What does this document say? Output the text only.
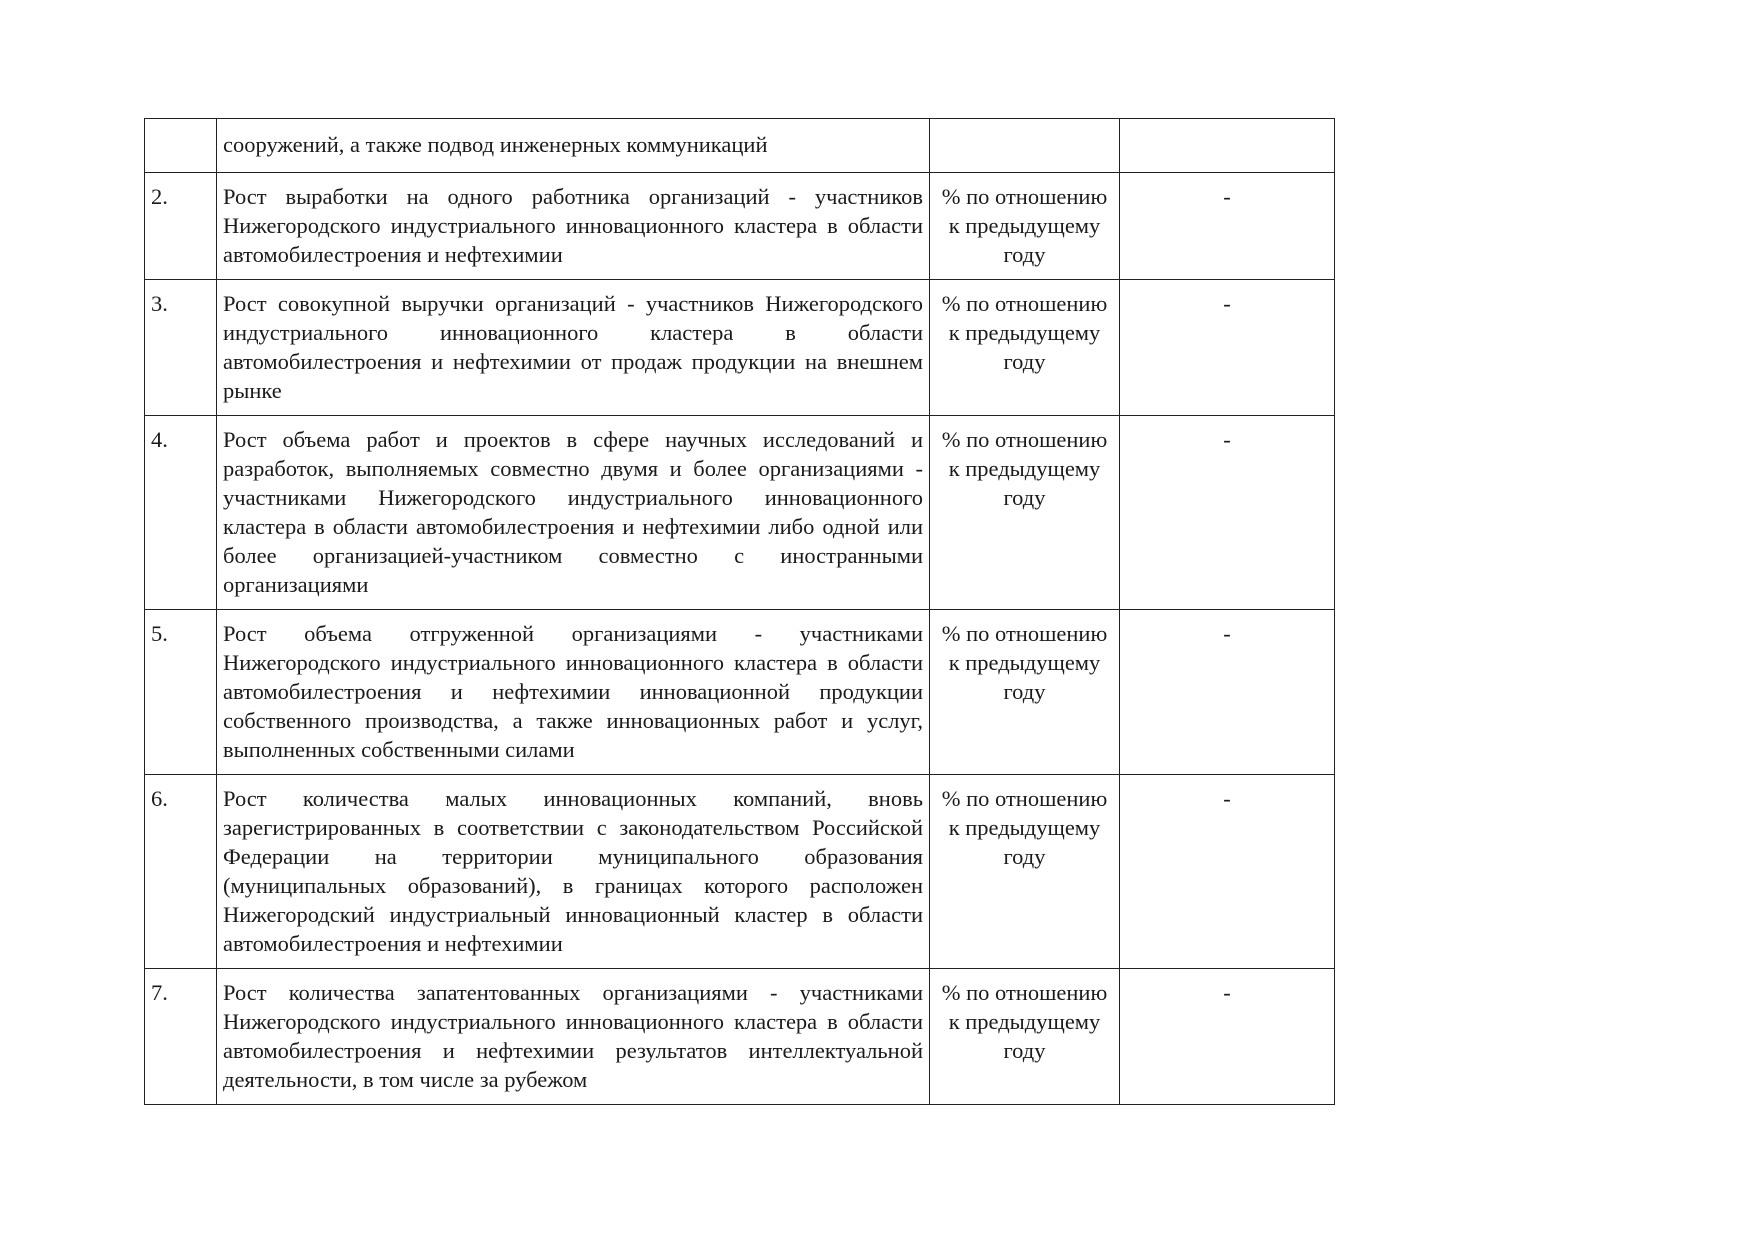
	сооружений, а также подвод инженерных коммуникаций		
2.	Рост выработки на одного работника организаций - участников Нижегородского индустриального инновационного кластера в области автомобилестроения и нефтехимии	% по отношению к предыдущему году	-
3.	Рост совокупной выручки организаций - участников Нижегородского индустриального инновационного кластера в области автомобилестроения и нефтехимии от продаж продукции на внешнем рынке	% по отношению к предыдущему году	-
4.	Рост объема работ и проектов в сфере научных исследований и разработок, выполняемых совместно двумя и более организациями - участниками Нижегородского индустриального инновационного кластера в области автомобилестроения и нефтехимии либо одной или более организацией-участником совместно с иностранными организациями	% по отношению к предыдущему году	-
5.	Рост объема отгруженной организациями - участниками Нижегородского индустриального инновационного кластера в области автомобилестроения и нефтехимии инновационной продукции собственного производства, а также инновационных работ и услуг, выполненных собственными силами	% по отношению к предыдущему году	-
6.	Рост количества малых инновационных компаний, вновь зарегистрированных в соответствии с законодательством Российской Федерации на территории муниципального образования (муниципальных образований), в границах которого расположен Нижегородский индустриальный инновационный кластер в области автомобилестроения и нефтехимии	% по отношению к предыдущему году	-
7.	Рост количества запатентованных организациями - участниками Нижегородского индустриального инновационного кластера в области автомобилестроения и нефтехимии результатов интеллектуальной деятельности, в том числе за рубежом	% по отношению к предыдущему году	-
